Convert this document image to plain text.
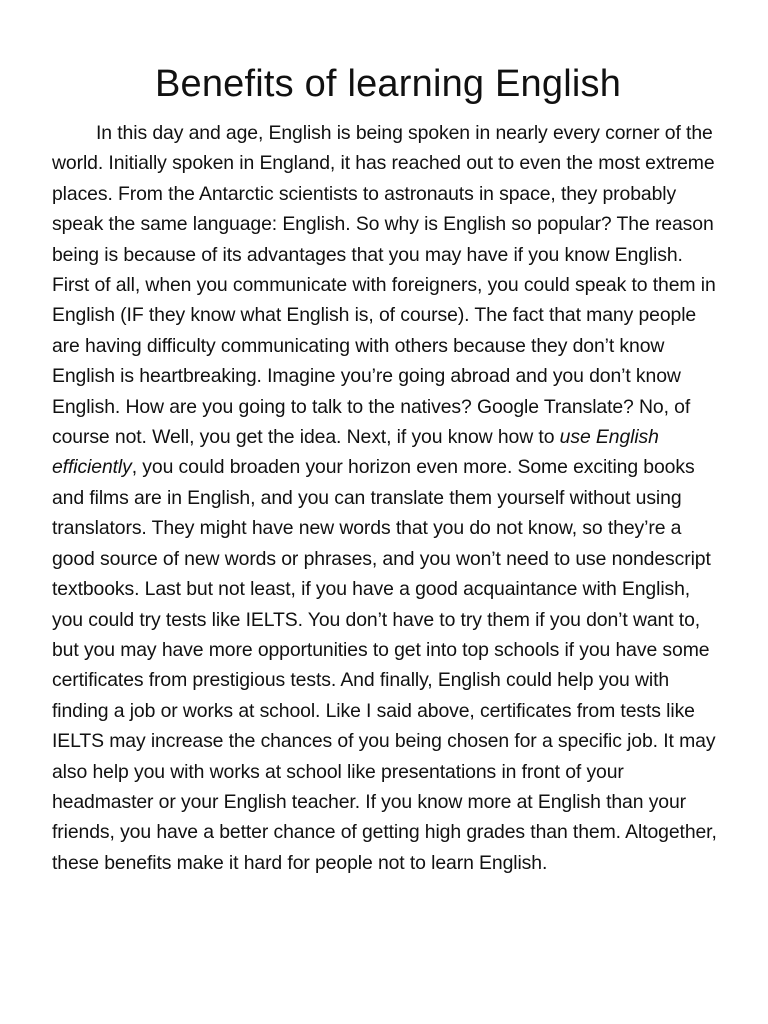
Benefits of learning English

In this day and age, English is being spoken in nearly every corner of the world. Initially spoken in England, it has reached out to even the most extreme places. From the Antarctic scientists to astronauts in space, they probably speak the same language: English. So why is English so popular? The reason being is because of its advantages that you may have if you know English. First of all, when you communicate with foreigners, you could speak to them in English (IF they know what English is, of course). The fact that many people are having difficulty communicating with others because they don’t know English is heartbreaking. Imagine you’re going abroad and you don’t know English. How are you going to talk to the natives? Google Translate? No, of course not. Well, you get the idea. Next, if you know how to use English efficiently, you could broaden your horizon even more. Some exciting books and films are in English, and you can translate them yourself without using translators. They might have new words that you do not know, so they’re a good source of new words or phrases, and you won’t need to use nondescript textbooks. Last but not least, if you have a good acquaintance with English, you could try tests like IELTS. You don’t have to try them if you don’t want to, but you may have more opportunities to get into top schools if you have some certificates from prestigious tests. And finally, English could help you with finding a job or works at school. Like I said above, certificates from tests like IELTS may increase the chances of you being chosen for a specific job. It may also help you with works at school like presentations in front of your headmaster or your English teacher. If you know more at English than your friends, you have a better chance of getting high grades than them. Altogether, these benefits make it hard for people not to learn English.
